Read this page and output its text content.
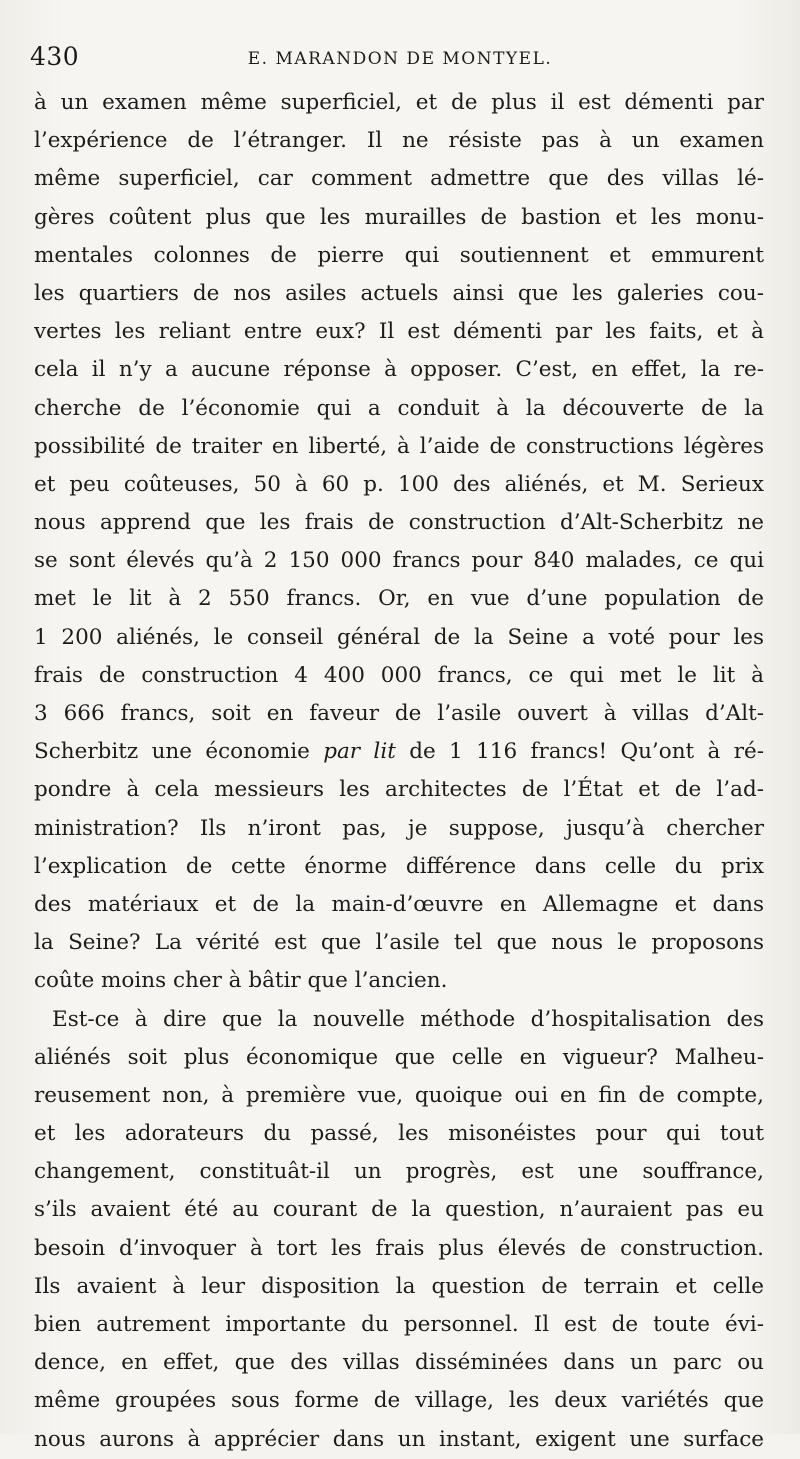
430	E. MARANDON DE MONTYEL.
à un examen même superficiel, et de plus il est démenti par
l’expérience de l’étranger. Il ne résiste pas à un examen
même superficiel, car comment admettre que des villas lé-
gères coûtent plus que les murailles de bastion et les monu-
mentales colonnes de pierre qui soutiennent et emmurent
les quartiers de nos asiles actuels ainsi que les galeries cou-
vertes les reliant entre eux? Il est démenti par les faits, et à
cela il n’y a aucune réponse à opposer. C’est, en effet, la re-
cherche de l’économie qui a conduit à la découverte de la
possibilité de traiter en liberté, à l’aide de constructions légères
et peu coûteuses, 50 à 60 p. 100 des aliénés, et M. Serieux
nous apprend que les frais de construction d’Alt-Scherbitz ne
se sont élevés qu’à 2 150 000 francs pour 840 malades, ce qui
met le lit à 2 550 francs. Or, en vue d’une population de
1 200 aliénés, le conseil général de la Seine a voté pour les
frais de construction 4 400 000 francs, ce qui met le lit à
3 666 francs, soit en faveur de l’asile ouvert à villas d’Alt-
Scherbitz une économie par lit de 1 116 francs! Qu’ont à ré-
pondre à cela messieurs les architectes de l’État et de l’ad-
ministration? Ils n’iront pas, je suppose, jusqu’à chercher
l’explication de cette énorme différence dans celle du prix
des matériaux et de la main-d’œuvre en Allemagne et dans
la Seine? La vérité est que l’asile tel que nous le proposons
coûte moins cher à bâtir que l’ancien.
Est-ce à dire que la nouvelle méthode d’hospitalisation des
aliénés soit plus économique que celle en vigueur? Malheu-
reusement non, à première vue, quoique oui en fin de compte,
et les adorateurs du passé, les misonéistes pour qui tout
changement, constituât-il un progrès, est une souffrance,
s’ils avaient été au courant de la question, n’auraient pas eu
besoin d’invoquer à tort les frais plus élevés de construction.
Ils avaient à leur disposition la question de terrain et celle
bien autrement importante du personnel. Il est de toute évi-
dence, en effet, que des villas disséminées dans un parc ou
même groupées sous forme de village, les deux variétés que
nous aurons à apprécier dans un instant, exigent une surface
